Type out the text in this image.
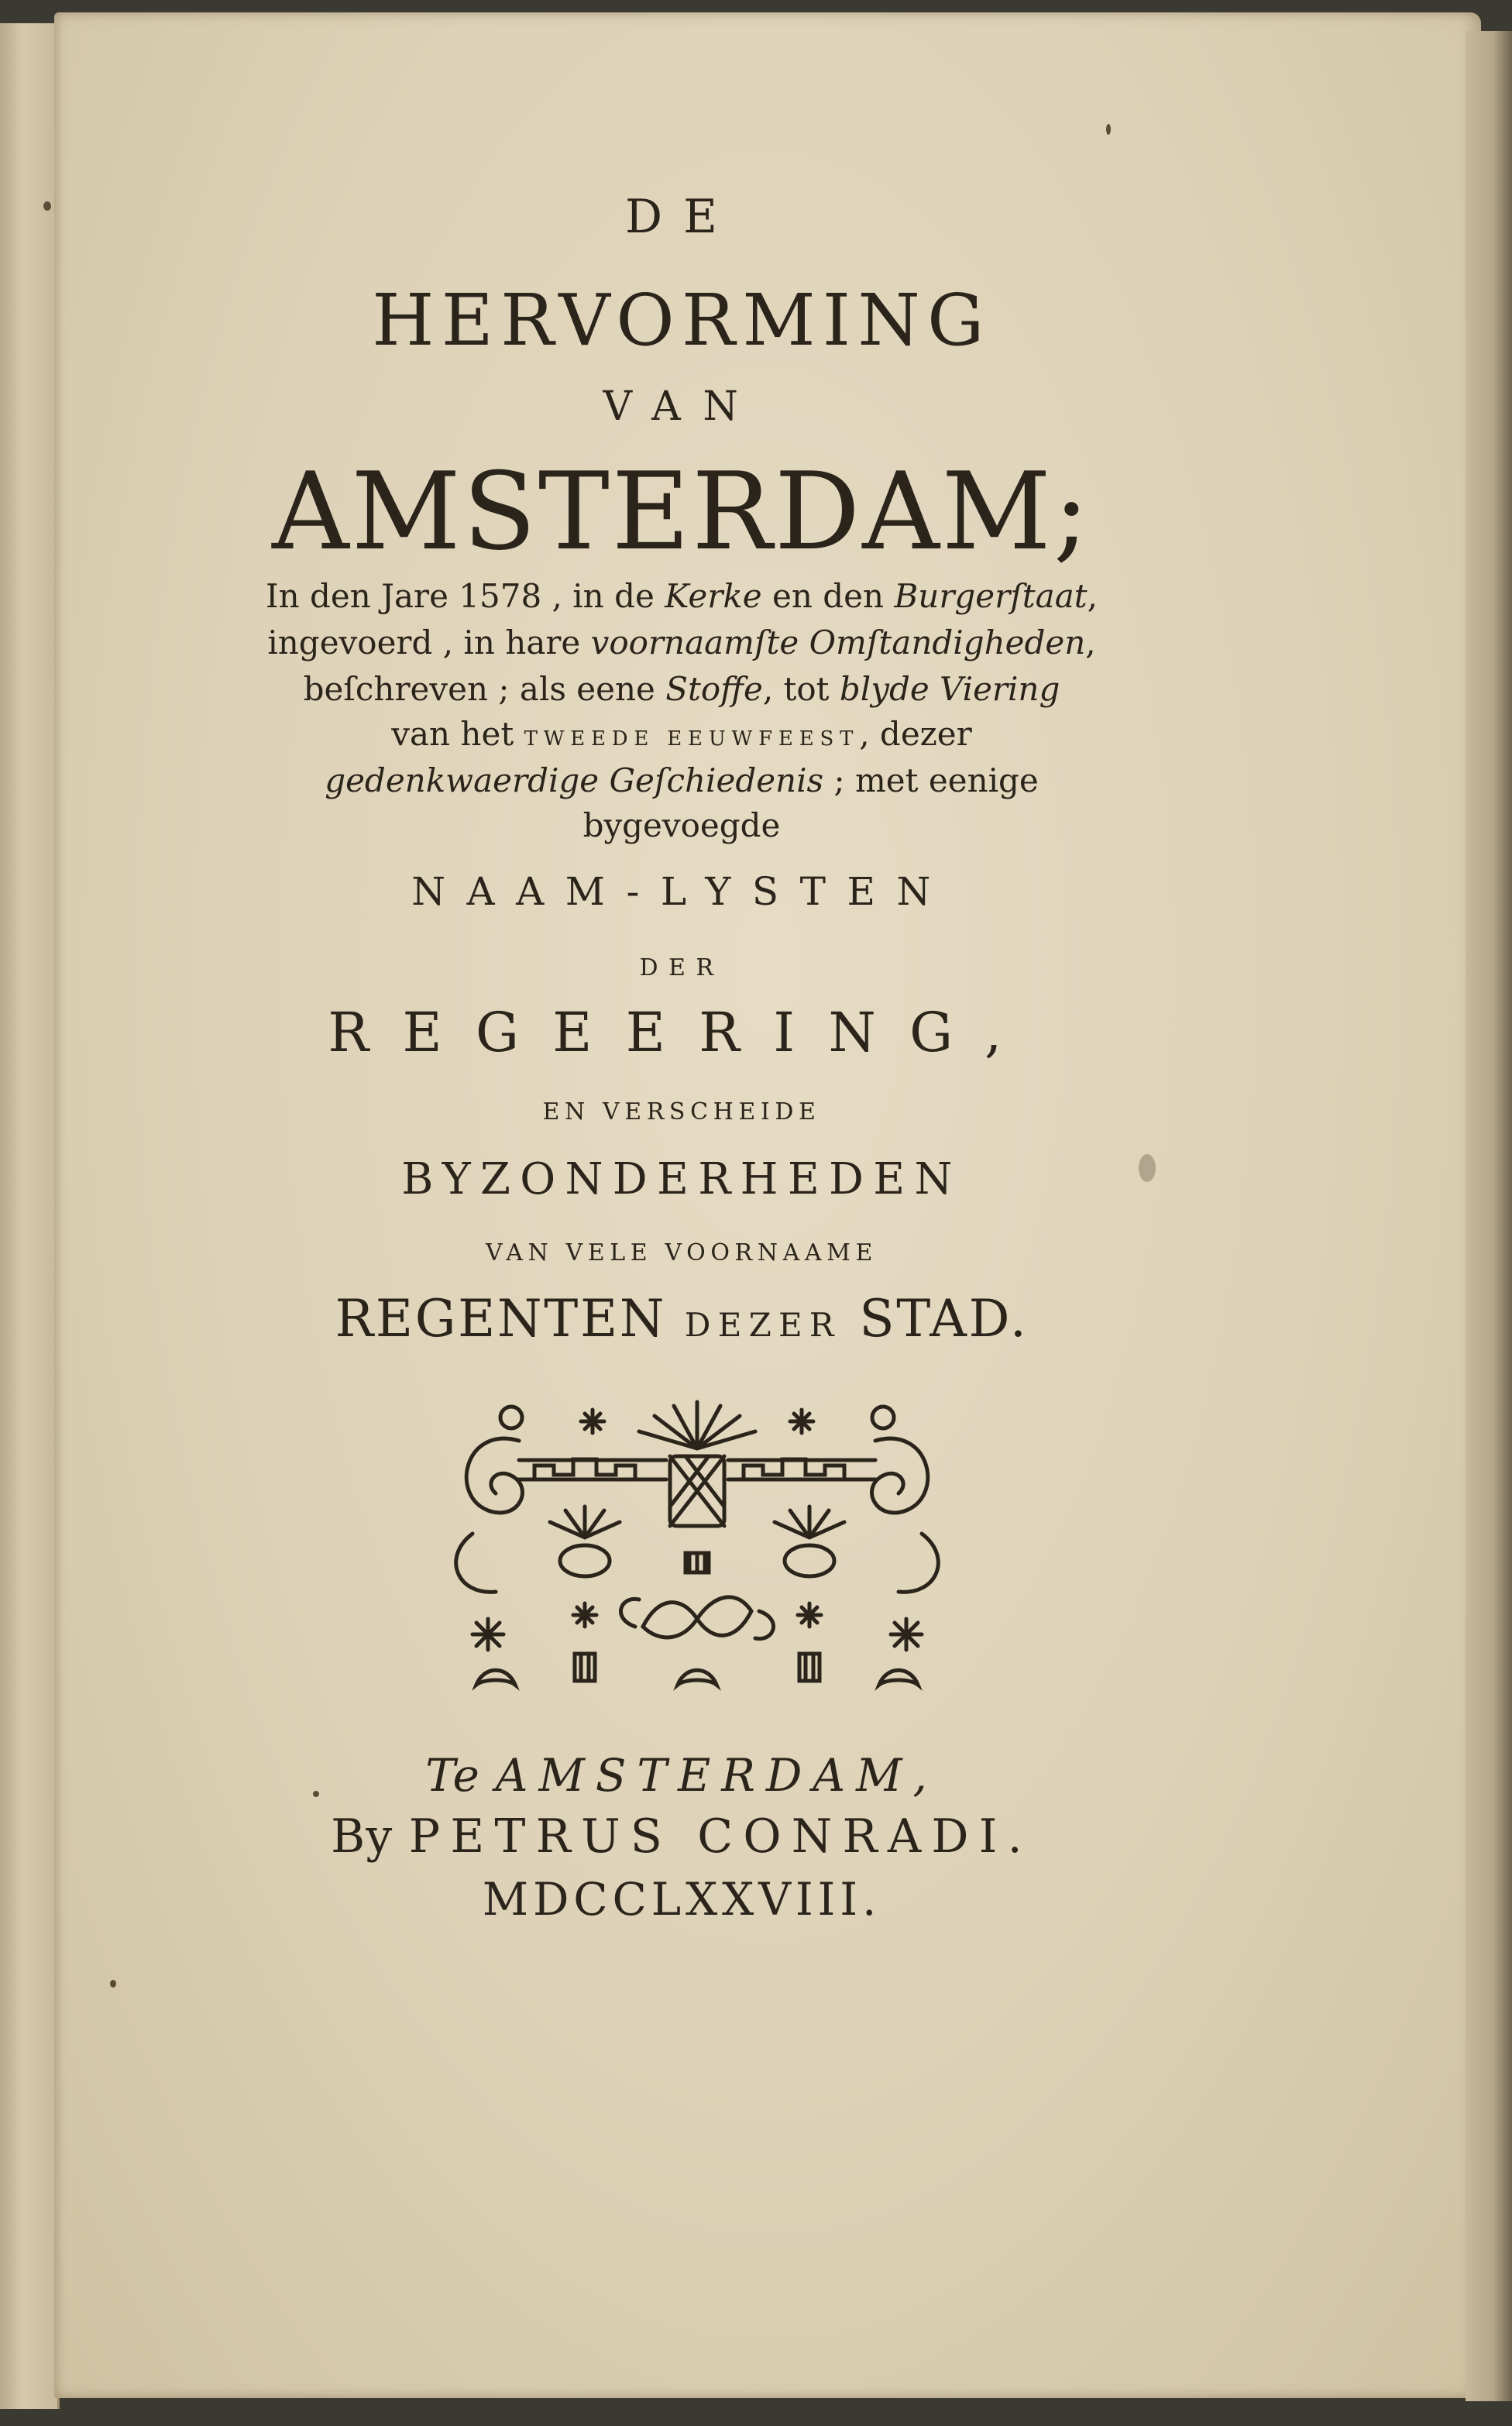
DE
HERVORMING
VAN
AMSTERDAM;
In den Jare 1578 , in de Kerke en den Burgerſtaat,
ingevoerd , in hare voornaamſte Omſtandigheden,
beſchreven ; als eene Stoffe, tot blyde Viering
van het TWEEDE EEUWFEEST, dezer
gedenkwaerdige Geſchiedenis ; met eenige
bygevoegde
NAAM-LYSTEN
DER
REGEERING,
EN VERSCHEIDE
BYZONDERHEDEN
VAN VELE VOORNAAME
REGENTEN DEZER STAD.
Te AMSTERDAM,
By PETRUS CONRADI.
MDCCLXXVIII.
